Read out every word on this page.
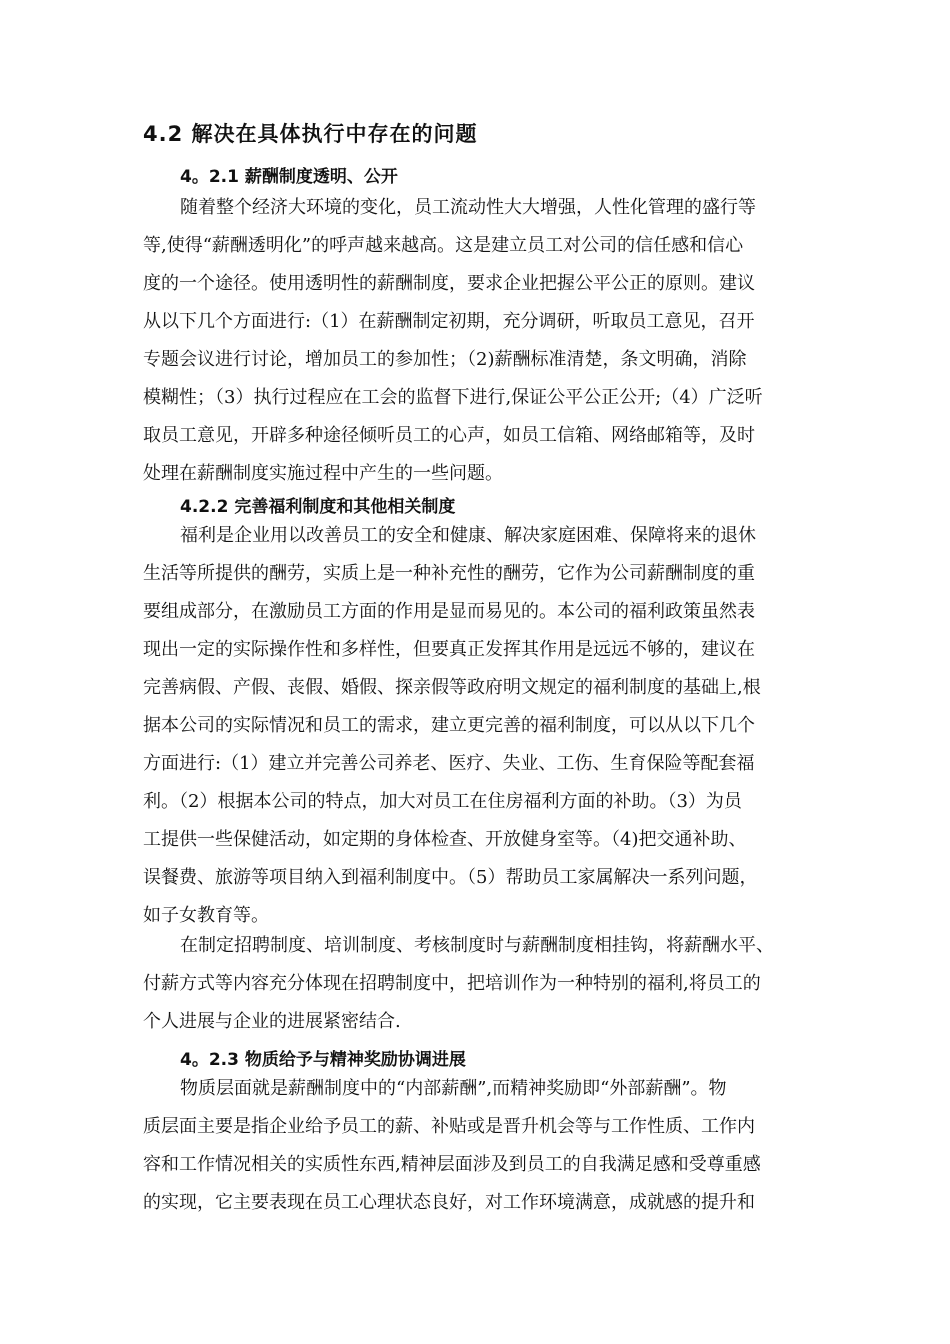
4.2 解决在具体执行中存在的问题
4。2.1 薪酬制度透明、公开
随着整个经济大环境的变化，员工流动性大大增强，人性化管理的盛行等
等,使得“薪酬透明化”的呼声越来越高。这是建立员工对公司的信任感和信心
度的一个途径。使用透明性的薪酬制度，要求企业把握公平公正的原则。建议
从以下几个方面进行:（1）在薪酬制定初期，充分调研，听取员工意见，召开
专题会议进行讨论，增加员工的参加性；（2)薪酬标准清楚，条文明确，消除
模糊性；（3）执行过程应在工会的监督下进行,保证公平公正公开;（4）广泛听
取员工意见，开辟多种途径倾听员工的心声，如员工信箱、网络邮箱等，及时
处理在薪酬制度实施过程中产生的一些问题。
4.2.2 完善福利制度和其他相关制度
福利是企业用以改善员工的安全和健康、解决家庭困难、保障将来的退休
生活等所提供的酬劳，实质上是一种补充性的酬劳，它作为公司薪酬制度的重
要组成部分，在激励员工方面的作用是显而易见的。本公司的福利政策虽然表
现出一定的实际操作性和多样性，但要真正发挥其作用是远远不够的，建议在
完善病假、产假、丧假、婚假、探亲假等政府明文规定的福利制度的基础上,根
据本公司的实际情况和员工的需求，建立更完善的福利制度，可以从以下几个
方面进行:（1）建立并完善公司养老、医疗、失业、工伤、生育保险等配套福
利。（2）根据本公司的特点，加大对员工在住房福利方面的补助。（3）为员
工提供一些保健活动，如定期的身体检查、开放健身室等。（4)把交通补助、
误餐费、旅游等项目纳入到福利制度中。（5）帮助员工家属解决一系列问题，
如子女教育等。
在制定招聘制度、培训制度、考核制度时与薪酬制度相挂钩，将薪酬水平、
付薪方式等内容充分体现在招聘制度中，把培训作为一种特别的福利,将员工的
个人进展与企业的进展紧密结合.
4。2.3 物质给予与精神奖励协调进展
物质层面就是薪酬制度中的“内部薪酬”,而精神奖励即“外部薪酬”。物
质层面主要是指企业给予员工的薪、补贴或是晋升机会等与工作性质、工作内
容和工作情况相关的实质性东西,精神层面涉及到员工的自我满足感和受尊重感
的实现，它主要表现在员工心理状态良好，对工作环境满意，成就感的提升和
